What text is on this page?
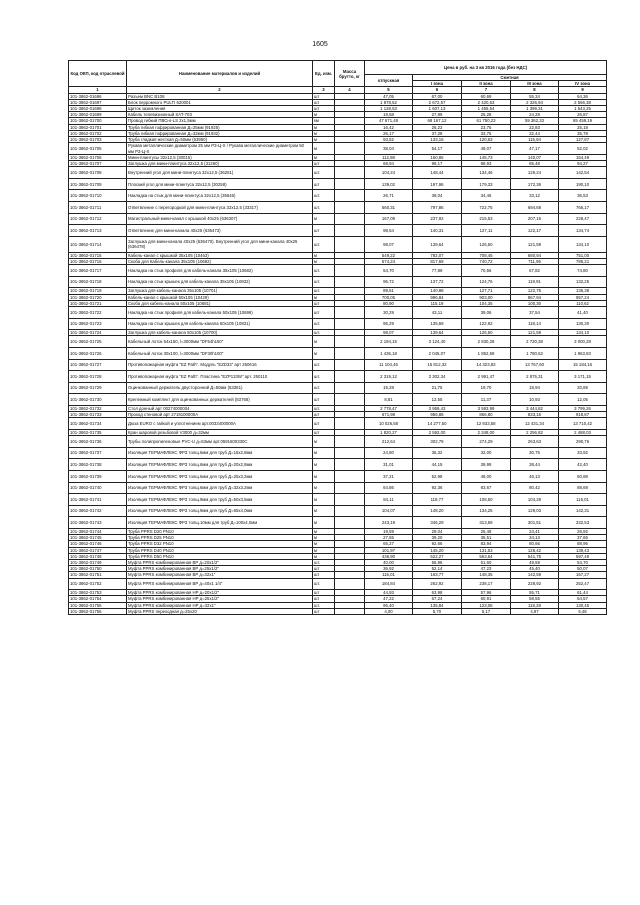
1605
Код ОКП, код отраслевой	Наименование материалов и изделий	Ед. изм.	Масса брутто, кг	Цена в руб. на 3 кв 2016 года (без НДС)				
				отпускная	Сметная			
					I зона	II зона	III зона	IV зона
1	2	3	4	5	6	7	8	9
101-3862-01696	Разъем BNC B108	шт		47,05	67,00	60,69	55,34	64,36
101-3862-01697	Блок перромного PULTI 620001	шт		1 878,52	2 672,57	2 420,63	2 326,94	2 566,38
101-3862-01698	Щиток заземления	шт		1 128,53	1 607,13	1 455,54	1 399,31	1 543,25
101-3862-01699	Кабель телевизионный SAT-703	м		19,58	27,89	25,28	24,28	26,87
101-3862-01700	Провод гибкий ПВСнг-LS 2х1,5мм	км		47 671,48	68 167,12	61 750,23	59 362,33	65 459,19
101-3862-01701	Труба гибкая гофрированная Д=25мм (91925)	м		16,42	26,22	23,75	22,83	25,18
101-3862-01702	Труба гибкая гофрированная Д=32мм (91932)	м		26,17	37,28	33,75	32,44	35,78
101-3862-01703	Труба гладкая жесткая Д=50мм (63950)	м		93,52	133,15	120,63	115,94	127,87
101-3862-01705	Рукава металлические диаметром 25 мм РЗ-Ц-Х / Рукава металлические диаметром 50 мм РЗ-Ц-Х	м		38,04	54,17	49,07	47,17	52,02
101-3862-01706	Мини-плинтусы 32х12,5 (30015)	м		112,98	160,86	145,73	140,07	154,49
101-3862-01707	Заглушка для мини-плинтуса 32х12,5 (31260)	шт		68,94	98,17	88,93	85,48	94,27
101-3862-01708	Внутренний угол для мини-плинтуса 32х12,5 (36251)	шт.		104,24	148,44	134,46	129,24	142,54
101-3862-01709	Плоский угол для мини-плинтуса 32х12,5 (30258)	шт		139,02	197,96	179,33	172,36	190,10
101-3862-01710	Накладка на стык для мини-плинтуса 32х12,5 (35646)	шт.		26,71	38,04	34,46	33,12	36,53
101-3862-01711	Ответвление с перегородкой для мини-плинтуса 32х12,5 (33317)	шт.		560,31	797,86	722,75	694,68	766,17
101-3862-01712	Магистральный мини-канал с крышкой 40х25 (636307)	м		167,09	237,92	215,53	207,16	228,47
101-3862-01713	Ответвление для мини-канала 40х25 (636473)	шт		98,54	140,31	127,11	122,17	134,74
101-3862-01714	Заглушка для мини-канала 40х25 (636470). Внутренний угол для мини-канала 40х25 (636478)	шт.		98,07	139,64	126,50	121,59	134,10
101-3862-01715	Кабель-канал с крышкой 35х105 (10463)	м		549,22	782,07	708,45	680,94	751,00
101-3862-01716	Скоба для Кабель-канала 35х105 (10682)	м		574,24	817,69	740,72	711,95	785,21
101-3862-01717	Накладка на стык профиля для кабель-канала 35х105 (10682)	шт.		54,70	77,89	70,56	67,82	74,80
101-3862-01718	Накладка на стык крышек для кабель-канала 35х105 (10832)	шт.		96,72	137,72	124,76	119,91	132,25
101-3862-01719	Заглушка для кабель-канала 35х105 (10701)	шт.		89,51	140,98	127,71	122,75	135,38
101-3862-01720	Кабель-канал с крышкой 50х105 (10429)	м		700,05	996,84	903,00	867,94	957,24
101-3862-01721	Скоба для кабель-канала 50х105 (10681)	шт		80,90	115,19	104,35	100,30	110,62
101-3862-01722	Накладка на стык профиля для кабель-канала 50х105 (10699)	шт		30,29	43,11	39,06	37,54	41,40
101-3862-01723	Накладка на стык крышек для кабель-канала 50х105 (10831)	шт.		95,29	135,69	122,92	118,14	130,30
101-3862-01724	Заглушка для кабель-канала 50х105 (10700)	шт.		98,07	139,64	126,50	121,59	134,10
101-3862-01725	Кабельный лоток 54х150, l=3000мм "DF54h150"	м		2 194,15	3 124,40	2 830,28	2 720,38	3 000,28
101-3862-01726	Кабельный лоток 30х100, l=3000мм "DF30h100"	м		1 436,18	2 045,07	1 852,58	1 780,62	1 963,83
101-3862-01727	Противопожарная муфта "EZ Path". Модуль "EZD33" арт 250616	шт.		11 104,46	15 812,32	14 323,83	13 767,60	15 184,16
101-3862-01728	Противопожарная муфта "EZ Path". Пластина "EZP133W" арт. 250110	шт.		2 319,12	3 302,34	2 991,47	2 875,31	3 171,15
101-3862-01729	Оцинкованный держатель двусторонний Д=50мм (53361)	шт.		15,28	21,75	19,70	18,94	20,89
101-3862-01730	Крепежный комплект для оцинкованных держателей (83768)	шт		8,81	12,55	11,37	10,93	12,05
101-3862-01732	Стол донный арт 00274000004	шт.		2 778,47	3 959,43	3 583,99	3 444,82	3 799,26
101-3862-01733	Проход стеновой арт 2719100000А	шт		671,98	956,88	866,80	833,16	918,87
101-3862-01734	Дюза EURO с гайкой и уплотнением арт.0033400000A	шт		10 026,58	14 277,50	12 933,58	12 431,34	13 710,42
101-3862-01735	Кран шаровой резьбовой V3000 д=32мм	шт		1 820,27	2 592,00	2 348,00	2 256,82	2 488,03
101-3862-01736	Трубы полипропиленовые PVC-U д=53мм арт.0591600330C	м		212,64	302,79	274,29	263,63	290,76
101-3862-01737	Изоляция ТЕРМАФЛЕКС ФРЗ толщ.6мм для труб Д=15х2,8мм	м		24,80	35,32	32,00	30,75	33,92
101-3862-01738	Изоляция ТЕРМАФЛЕКС ФРЗ толщ.6мм для труб Д=20х2,8мм	м		31,01	44,15	39,99	38,44	42,40
101-3862-01739	Изоляция ТЕРМАФЛЕКС ФРЗ толщ.6мм для труб Д=25х3,2мм	м		37,21	52,98	48,00	46,13	50,88
101-3862-01740	Изоляция ТЕРМАФЛЕКС ФРЗ толщ.6мм для труб Д=32х3,2мм	м		64,86	92,36	83,67	80,42	88,69
101-3862-01741	Изоляция ТЕРМАФЛЕКС ФРЗ толщ.9мм для труб Д=50х3,5мм	м		84,11	119,77	108,50	104,28	115,01
101-3862-01742	Изоляция ТЕРМАФЛЕКС ФРЗ толщ.9мм для труб Д=65х4,0мм	м		104,07	148,20	134,25	129,03	142,31
101-3862-01743	Изоляция ТЕРМАФЛЕКС ФРЗ толщ.10мм для труб Д=100х4,0мм	м		243,19	346,29	313,69	301,51	332,53
101-3862-01744	Труба PPRS D20 PN10	м		19,59	29,04	25,48	24,41	26,92
101-3862-01745	Труба PPRS D25 PN10	м		27,55	39,20	35,51	34,13	37,65
101-3862-01746	Труба PPRS D32 PN10	м		65,27	92,66	83,94	80,66	88,96
101-3862-01747	Труба PPRS D40 PN10	м		101,97	145,20	131,53	126,42	139,43
101-3862-01748	Труба PPRS D50 PN10	м		436,90	622,27	563,64	541,75	597,49
101-3862-01749	Муфта PPRS комбинированная ВР д=20х1/2"	шт.		40,00	56,96	51,60	49,59	54,70
101-3862-01750	Муфта PPRS комбинированная ВР д=25х1/2"	шт		36,92	52,14	47,23	45,40	50,07
101-3862-01751	Муфта PPRS комбинированная ВР д=32х1"	шт		115,01	163,77	148,35	142,59	157,27
101-3862-01752	Муфта PPRS комбинированная ВР д=40х1 1/4"	шт.		184,84	262,92	238,17	228,92	252,47
101-3862-01753	Муфта PPRS комбинированная НР д=20х1/2"	шт		44,93	63,98	57,96	55,71	61,44
101-3862-01754	Муфта PPRS комбинированная НР д=25х1/2"	шт		47,22	67,24	60,91	58,55	64,57
101-3862-01755	Муфта PPRS комбинированная НР д=32х1"	шт.		95,40	135,84	123,05	118,28	130,45
101-3862-01756	Муфта PPRS переходная д=25х20	шт		4,00	5,70	5,17	4,97	5,48
